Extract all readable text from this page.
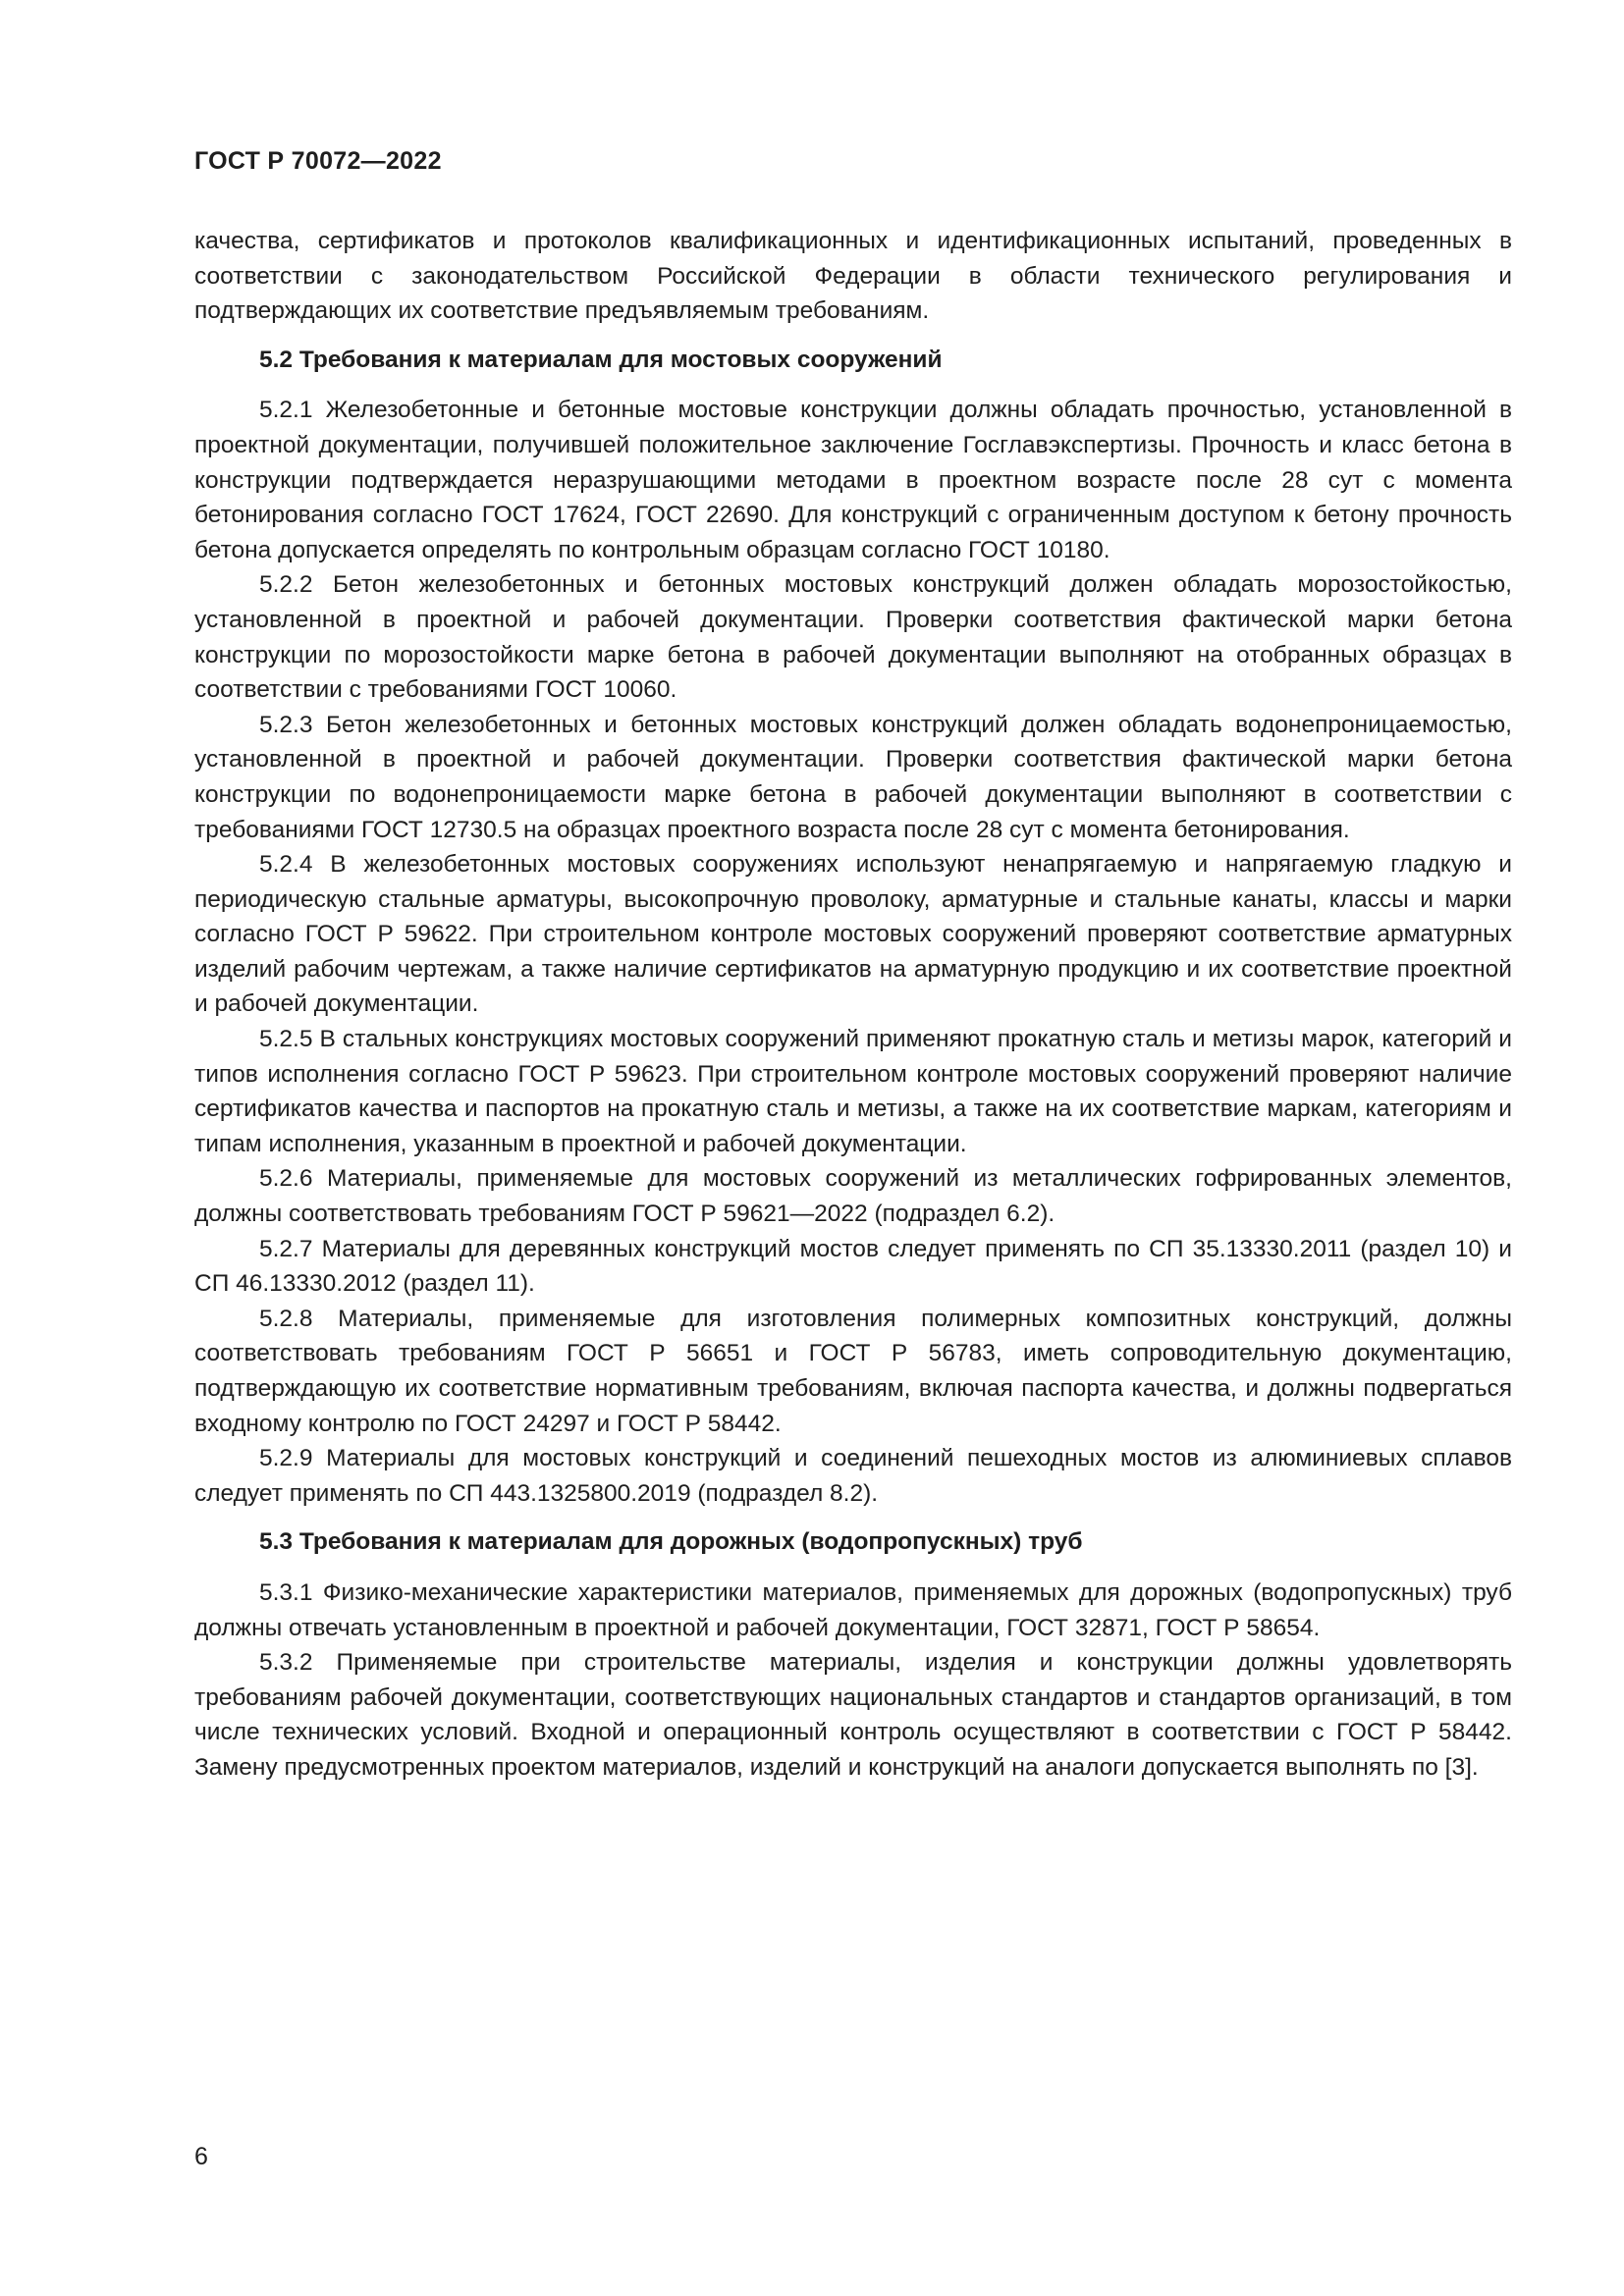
ГОСТ Р 70072—2022

качества, сертификатов и протоколов квалификационных и идентификационных испытаний, проведенных в соответствии с законодательством Российской Федерации в области технического регулирования и подтверждающих их соответствие предъявляемым требованиям.

5.2 Требования к материалам для мостовых сооружений

5.2.1 Железобетонные и бетонные мостовые конструкции должны обладать прочностью, установленной в проектной документации, получившей положительное заключение Госглавэкспертизы. Прочность и класс бетона в конструкции подтверждается неразрушающими методами в проектном возрасте после 28 сут с момента бетонирования согласно ГОСТ 17624, ГОСТ 22690. Для конструкций с ограниченным доступом к бетону прочность бетона допускается определять по контрольным образцам согласно ГОСТ 10180.

5.2.2 Бетон железобетонных и бетонных мостовых конструкций должен обладать морозостойкостью, установленной в проектной и рабочей документации. Проверки соответствия фактической марки бетона конструкции по морозостойкости марке бетона в рабочей документации выполняют на отобранных образцах в соответствии с требованиями ГОСТ 10060.

5.2.3 Бетон железобетонных и бетонных мостовых конструкций должен обладать водонепроницаемостью, установленной в проектной и рабочей документации. Проверки соответствия фактической марки бетона конструкции по водонепроницаемости марке бетона в рабочей документации выполняют в соответствии с требованиями ГОСТ 12730.5 на образцах проектного возраста после 28 сут с момента бетонирования.

5.2.4 В железобетонных мостовых сооружениях используют ненапрягаемую и напрягаемую гладкую и периодическую стальные арматуры, высокопрочную проволоку, арматурные и стальные канаты, классы и марки согласно ГОСТ Р 59622. При строительном контроле мостовых сооружений проверяют соответствие арматурных изделий рабочим чертежам, а также наличие сертификатов на арматурную продукцию и их соответствие проектной и рабочей документации.

5.2.5 В стальных конструкциях мостовых сооружений применяют прокатную сталь и метизы марок, категорий и типов исполнения согласно ГОСТ Р 59623. При строительном контроле мостовых сооружений проверяют наличие сертификатов качества и паспортов на прокатную сталь и метизы, а также на их соответствие маркам, категориям и типам исполнения, указанным в проектной и рабочей документации.

5.2.6 Материалы, применяемые для мостовых сооружений из металлических гофрированных элементов, должны соответствовать требованиям ГОСТ Р 59621—2022 (подраздел 6.2).

5.2.7 Материалы для деревянных конструкций мостов следует применять по СП 35.13330.2011 (раздел 10) и СП 46.13330.2012 (раздел 11).

5.2.8 Материалы, применяемые для изготовления полимерных композитных конструкций, должны соответствовать требованиям ГОСТ Р 56651 и ГОСТ Р 56783, иметь сопроводительную документацию, подтверждающую их соответствие нормативным требованиям, включая паспорта качества, и должны подвергаться входному контролю по ГОСТ 24297 и ГОСТ Р 58442.

5.2.9 Материалы для мостовых конструкций и соединений пешеходных мостов из алюминиевых сплавов следует применять по СП 443.1325800.2019 (подраздел 8.2).

5.3 Требования к материалам для дорожных (водопропускных) труб

5.3.1 Физико-механические характеристики материалов, применяемых для дорожных (водопропускных) труб должны отвечать установленным в проектной и рабочей документации, ГОСТ 32871, ГОСТ Р 58654.

5.3.2 Применяемые при строительстве материалы, изделия и конструкции должны удовлетворять требованиям рабочей документации, соответствующих национальных стандартов и стандартов организаций, в том числе технических условий. Входной и операционный контроль осуществляют в соответствии с ГОСТ Р 58442. Замену предусмотренных проектом материалов, изделий и конструкций на аналоги допускается выполнять по [3].

6
